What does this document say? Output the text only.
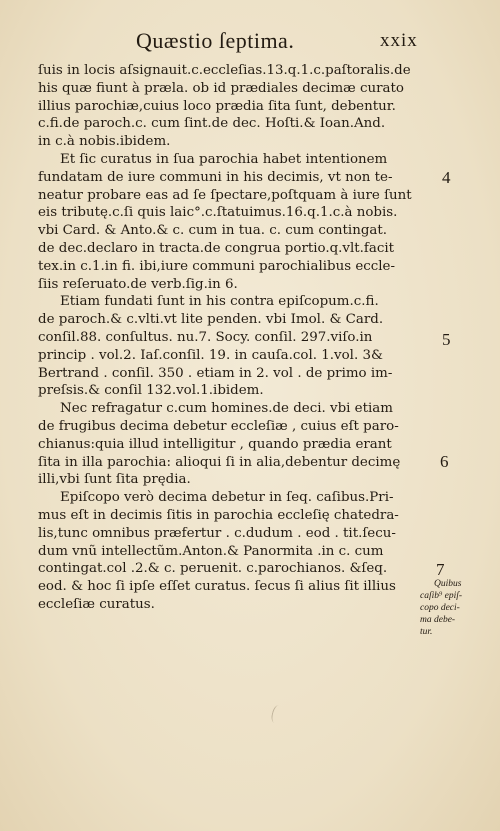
Quæstio ſeptima.	xxix
ſuis in locis aſsignauit.c.eccleſias.13.q.1.c.paſtoralis.de
his quæ fiunt à præla. ob id prædiales decimæ curato
illius parochiæ,cuius loco prædia ſita ſunt, debentur.
c.fi.de paroch.c. cum ſint.de dec. Hoſti.& Ioan.And.
in c.à nobis.ibidem.
Et ſic curatus in ſua parochia habet intentionem
fundatam de iure communi in his decimis, vt non te-
neatur probare eas ad ſe ſpectare,poſtquam à iure ſunt
eis tributę.c.ſi quis laic°.c.ſtatuimus.16.q.1.c.à nobis.
vbi Card. & Anto.& c. cum in tua. c. cum contingat.
de dec.declaro in tracta.de congrua portio.q.vlt.facit
tex.in c.1.in fi. ibi,iure communi parochialibus eccle-
ſiis reſeruato.de verb.ſig.in 6.
Etiam fundati ſunt in his contra epiſcopum.c.fi.
de paroch.& c.vlti.vt lite penden. vbi Imol. & Card.
conſil.88. conſultus. nu.7. Socy. conſil. 297.viſo.in
princip . vol.2. Iaſ.conſil. 19. in cauſa.col. 1.vol. 3&
Bertrand . conſil. 350 . etiam in 2. vol . de primo im-
preſsis.& conſil 132.vol.1.ibidem.
Nec refragatur c.cum homines.de deci. vbi etiam
de frugibus decima debetur eccleſiæ , cuius eſt paro-
chianus:quia illud intelligitur , quando prædia erant
ſita in illa parochia: alioqui ſi in alia,debentur decimę
illi,vbi ſunt ſita prędia.
Epiſcopo verò decima debetur in ſeq. caſibus.Pri-
mus eſt in decimis ſitis in parochia eccleſię chatedra-
lis,tunc omnibus præfertur . c.dudum . eod . tit.ſecu-
dum vnũ intellectũm.Anton.& Panormita .in c. cum
contingat.col .2.& c. peruenit. c.parochianos. &ſeq.
eod. & hoc ſi ipſe eſſet curatus. ſecus ſi alius ſit illius
eccleſiæ curatus.
4
5
6
7
Quibus
caſib⁹ epiſ-
copo deci-
ma debe-
tur.
